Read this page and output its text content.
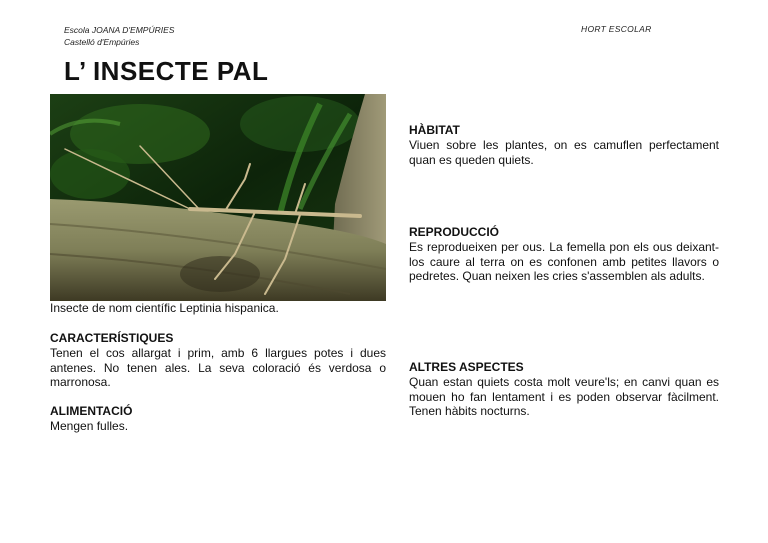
Escola JOANA D'EMPÚRIES
Castelló d'Empúries
HORT ESCOLAR
L’ INSECTE PAL
Insecte de nom científic Leptinia hispanica.
CARACTERÍSTIQUES

Tenen el cos allargat i prim, amb 6 llargues potes i dues antenes. No tenen ales. La seva coloració és verdosa o marronosa.

ALIMENTACIÓ

Mengen fulles.

HÀBITAT

Viuen sobre les plantes, on es camuflen perfectament quan es queden quiets.

REPRODUCCIÓ

Es reprodueixen per ous. La femella pon els ous deixant-los caure al terra on es confonen amb petites llavors o pedretes. Quan neixen les cries s'assemblen als adults.

ALTRES ASPECTES

Quan estan quiets costa molt veure'ls; en canvi quan es mouen ho fan lentament i es poden observar fàcilment. Tenen hàbits nocturns.
